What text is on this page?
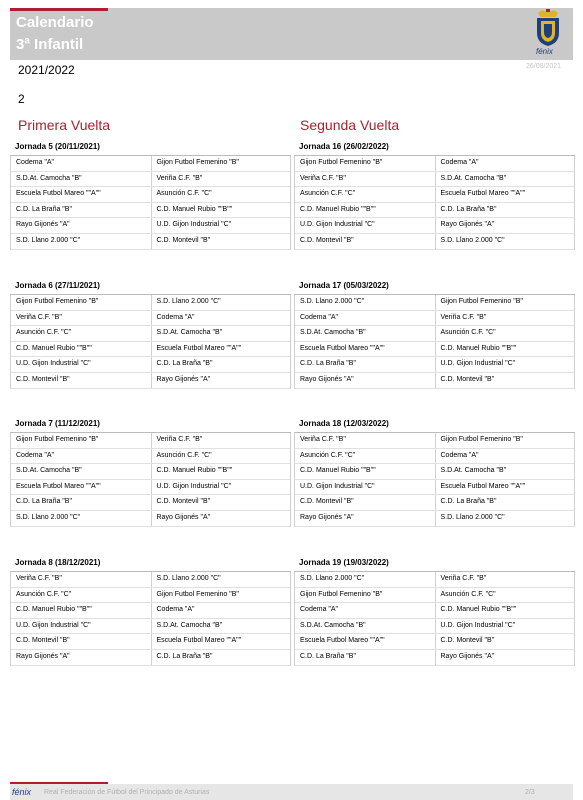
Calendario
3ª Infantil	fénix
2021/2022	26/08/2021
2
Primera Vuelta	Segunda Vuelta
Jornada 5 (20/11/2021)
Codema "A"	Gijon Futbol Femenino "B"
S.D.At. Camocha "B"	Veriña C.F. "B"
Escuela Futbol Mareo ""A""	Asunción C.F. "C"
C.D. La Braña "B"	C.D. Manuel Rubio ""B""
Rayo Gijonés "A"	U.D. Gijon Industrial "C"
S.D. Llano 2.000 "C"	C.D. Montevil "B"
Jornada 6 (27/11/2021)
Gijon Futbol Femenino "B"	S.D. Llano 2.000 "C"
Veriña C.F. "B"	Codema "A"
Asunción C.F. "C"	S.D.At. Camocha "B"
C.D. Manuel Rubio ""B""	Escuela Futbol Mareo ""A""
U.D. Gijon Industrial "C"	C.D. La Braña "B"
C.D. Montevil "B"	Rayo Gijonés "A"
Jornada 7 (11/12/2021)
Gijon Futbol Femenino "B"	Veriña C.F. "B"
Codema "A"	Asunción C.F. "C"
S.D.At. Camocha "B"	C.D. Manuel Rubio ""B""
Escuela Futbol Mareo ""A""	U.D. Gijon Industrial "C"
C.D. La Braña "B"	C.D. Montevil "B"
S.D. Llano 2.000 "C"	Rayo Gijonés "A"
Jornada 8 (18/12/2021)
Veriña C.F. "B"	S.D. Llano 2.000 "C"
Asunción C.F. "C"	Gijon Futbol Femenino "B"
C.D. Manuel Rubio ""B""	Codema "A"
U.D. Gijon Industrial "C"	S.D.At. Camocha "B"
C.D. Montevil "B"	Escuela Futbol Mareo ""A""
Rayo Gijonés "A"	C.D. La Braña "B"
Jornada 16 (26/02/2022)
Gijon Futbol Femenino "B"	Codema "A"
Veriña C.F. "B"	S.D.At. Camocha "B"
Asunción C.F. "C"	Escuela Futbol Mareo ""A""
C.D. Manuel Rubio ""B""	C.D. La Braña "B"
U.D. Gijon Industrial "C"	Rayo Gijonés "A"
C.D. Montevil "B"	S.D. Llano 2.000 "C"
Jornada 17 (05/03/2022)
S.D. Llano 2.000 "C"	Gijon Futbol Femenino "B"
Codema "A"	Veriña C.F. "B"
S.D.At. Camocha "B"	Asunción C.F. "C"
Escuela Futbol Mareo ""A""	C.D. Manuel Rubio ""B""
C.D. La Braña "B"	U.D. Gijon Industrial "C"
Rayo Gijonés "A"	C.D. Montevil "B"
Jornada 18 (12/03/2022)
Veriña C.F. "B"	Gijon Futbol Femenino "B"
Asunción C.F. "C"	Codema "A"
C.D. Manuel Rubio ""B""	S.D.At. Camocha "B"
U.D. Gijon Industrial "C"	Escuela Futbol Mareo ""A""
C.D. Montevil "B"	C.D. La Braña "B"
Rayo Gijonés "A"	S.D. Llano 2.000 "C"
Jornada 19 (19/03/2022)
S.D. Llano 2.000 "C"	Veriña C.F. "B"
Gijon Futbol Femenino "B"	Asunción C.F. "C"
Codema "A"	C.D. Manuel Rubio ""B""
S.D.At. Camocha "B"	U.D. Gijon Industrial "C"
Escuela Futbol Mareo ""A""	C.D. Montevil "B"
C.D. La Braña "B"	Rayo Gijonés "A"
fénix Real Federación de Fútbol del Principado de Asturias	2/3
